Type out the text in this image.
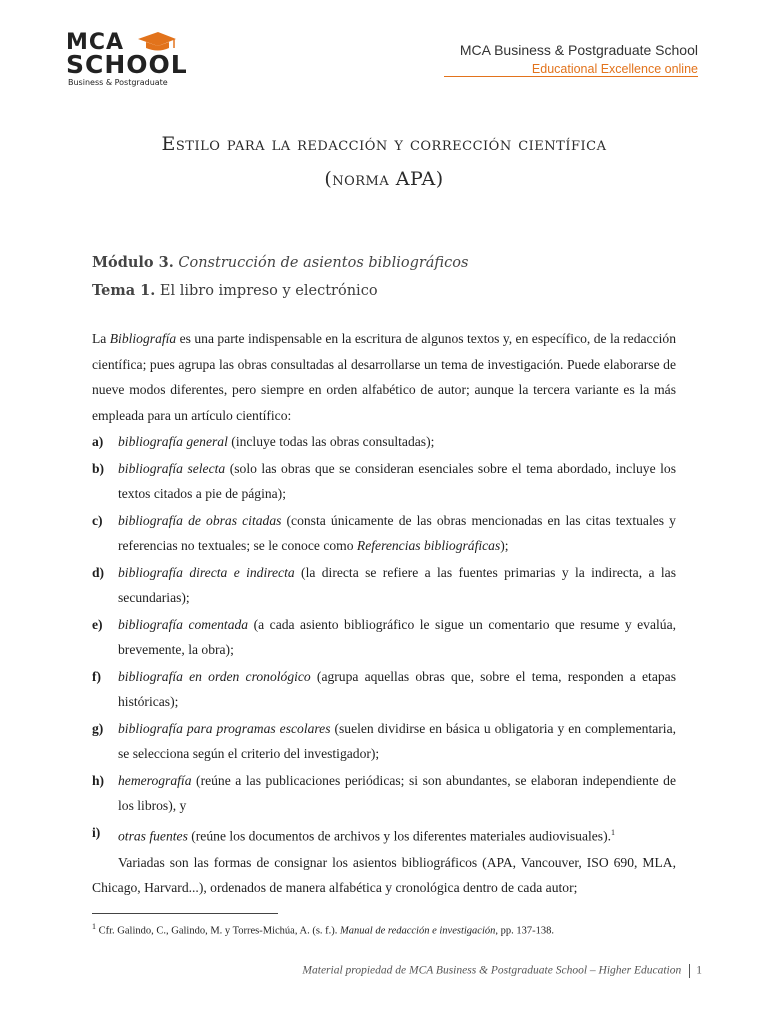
MCA
SCHOOL
Business & Postgraduate
MCA Business & Postgraduate School
Educational Excellence online
Estilo para la redacción y corrección científica
(norma APA)
Módulo 3. Construcción de asientos bibliográficos
Tema 1. El libro impreso y electrónico

La Bibliografía es una parte indispensable en la escritura de algunos textos y, en específico, de la redacción científica; pues agrupa las obras consultadas al desarrollarse un tema de investigación. Puede elaborarse de nueve modos diferentes, pero siempre en orden alfabético de autor; aunque la tercera variante es la más empleada para un artículo científico:

a)	bibliografía general (incluye todas las obras consultadas);
b)	bibliografía selecta (solo las obras que se consideran esenciales sobre el tema abordado, incluye los textos citados a pie de página);
c)	bibliografía de obras citadas (consta únicamente de las obras mencionadas en las citas textuales y referencias no textuales; se le conoce como Referencias bibliográficas);
d)	bibliografía directa e indirecta (la directa se refiere a las fuentes primarias y la indirecta, a las secundarias);
e)	bibliografía comentada (a cada asiento bibliográfico le sigue un comentario que resume y evalúa, brevemente, la obra);
f)	bibliografía en orden cronológico (agrupa aquellas obras que, sobre el tema, responden a etapas históricas);
g)	bibliografía para programas escolares (suelen dividirse en básica u obligatoria y en complementaria, se selecciona según el criterio del investigador);
h)	hemerografía (reúne a las publicaciones periódicas; si son abundantes, se elaboran independiente de los libros), y
i)	otras fuentes (reúne los documentos de archivos y los diferentes materiales audiovisuales).$^1$

Variadas son las formas de consignar los asientos bibliográficos (APA, Vancouver, ISO 690, MLA, Chicago, Harvard...), ordenados de manera alfabética y cronológica dentro de cada autor;

$^1$ Cfr. Galindo, C., Galindo, M. y Torres-Michúa, A. (s. f.). Manual de redacción e investigación, pp. 137-138.
Material propiedad de MCA Business & Postgraduate School – Higher Education 1
